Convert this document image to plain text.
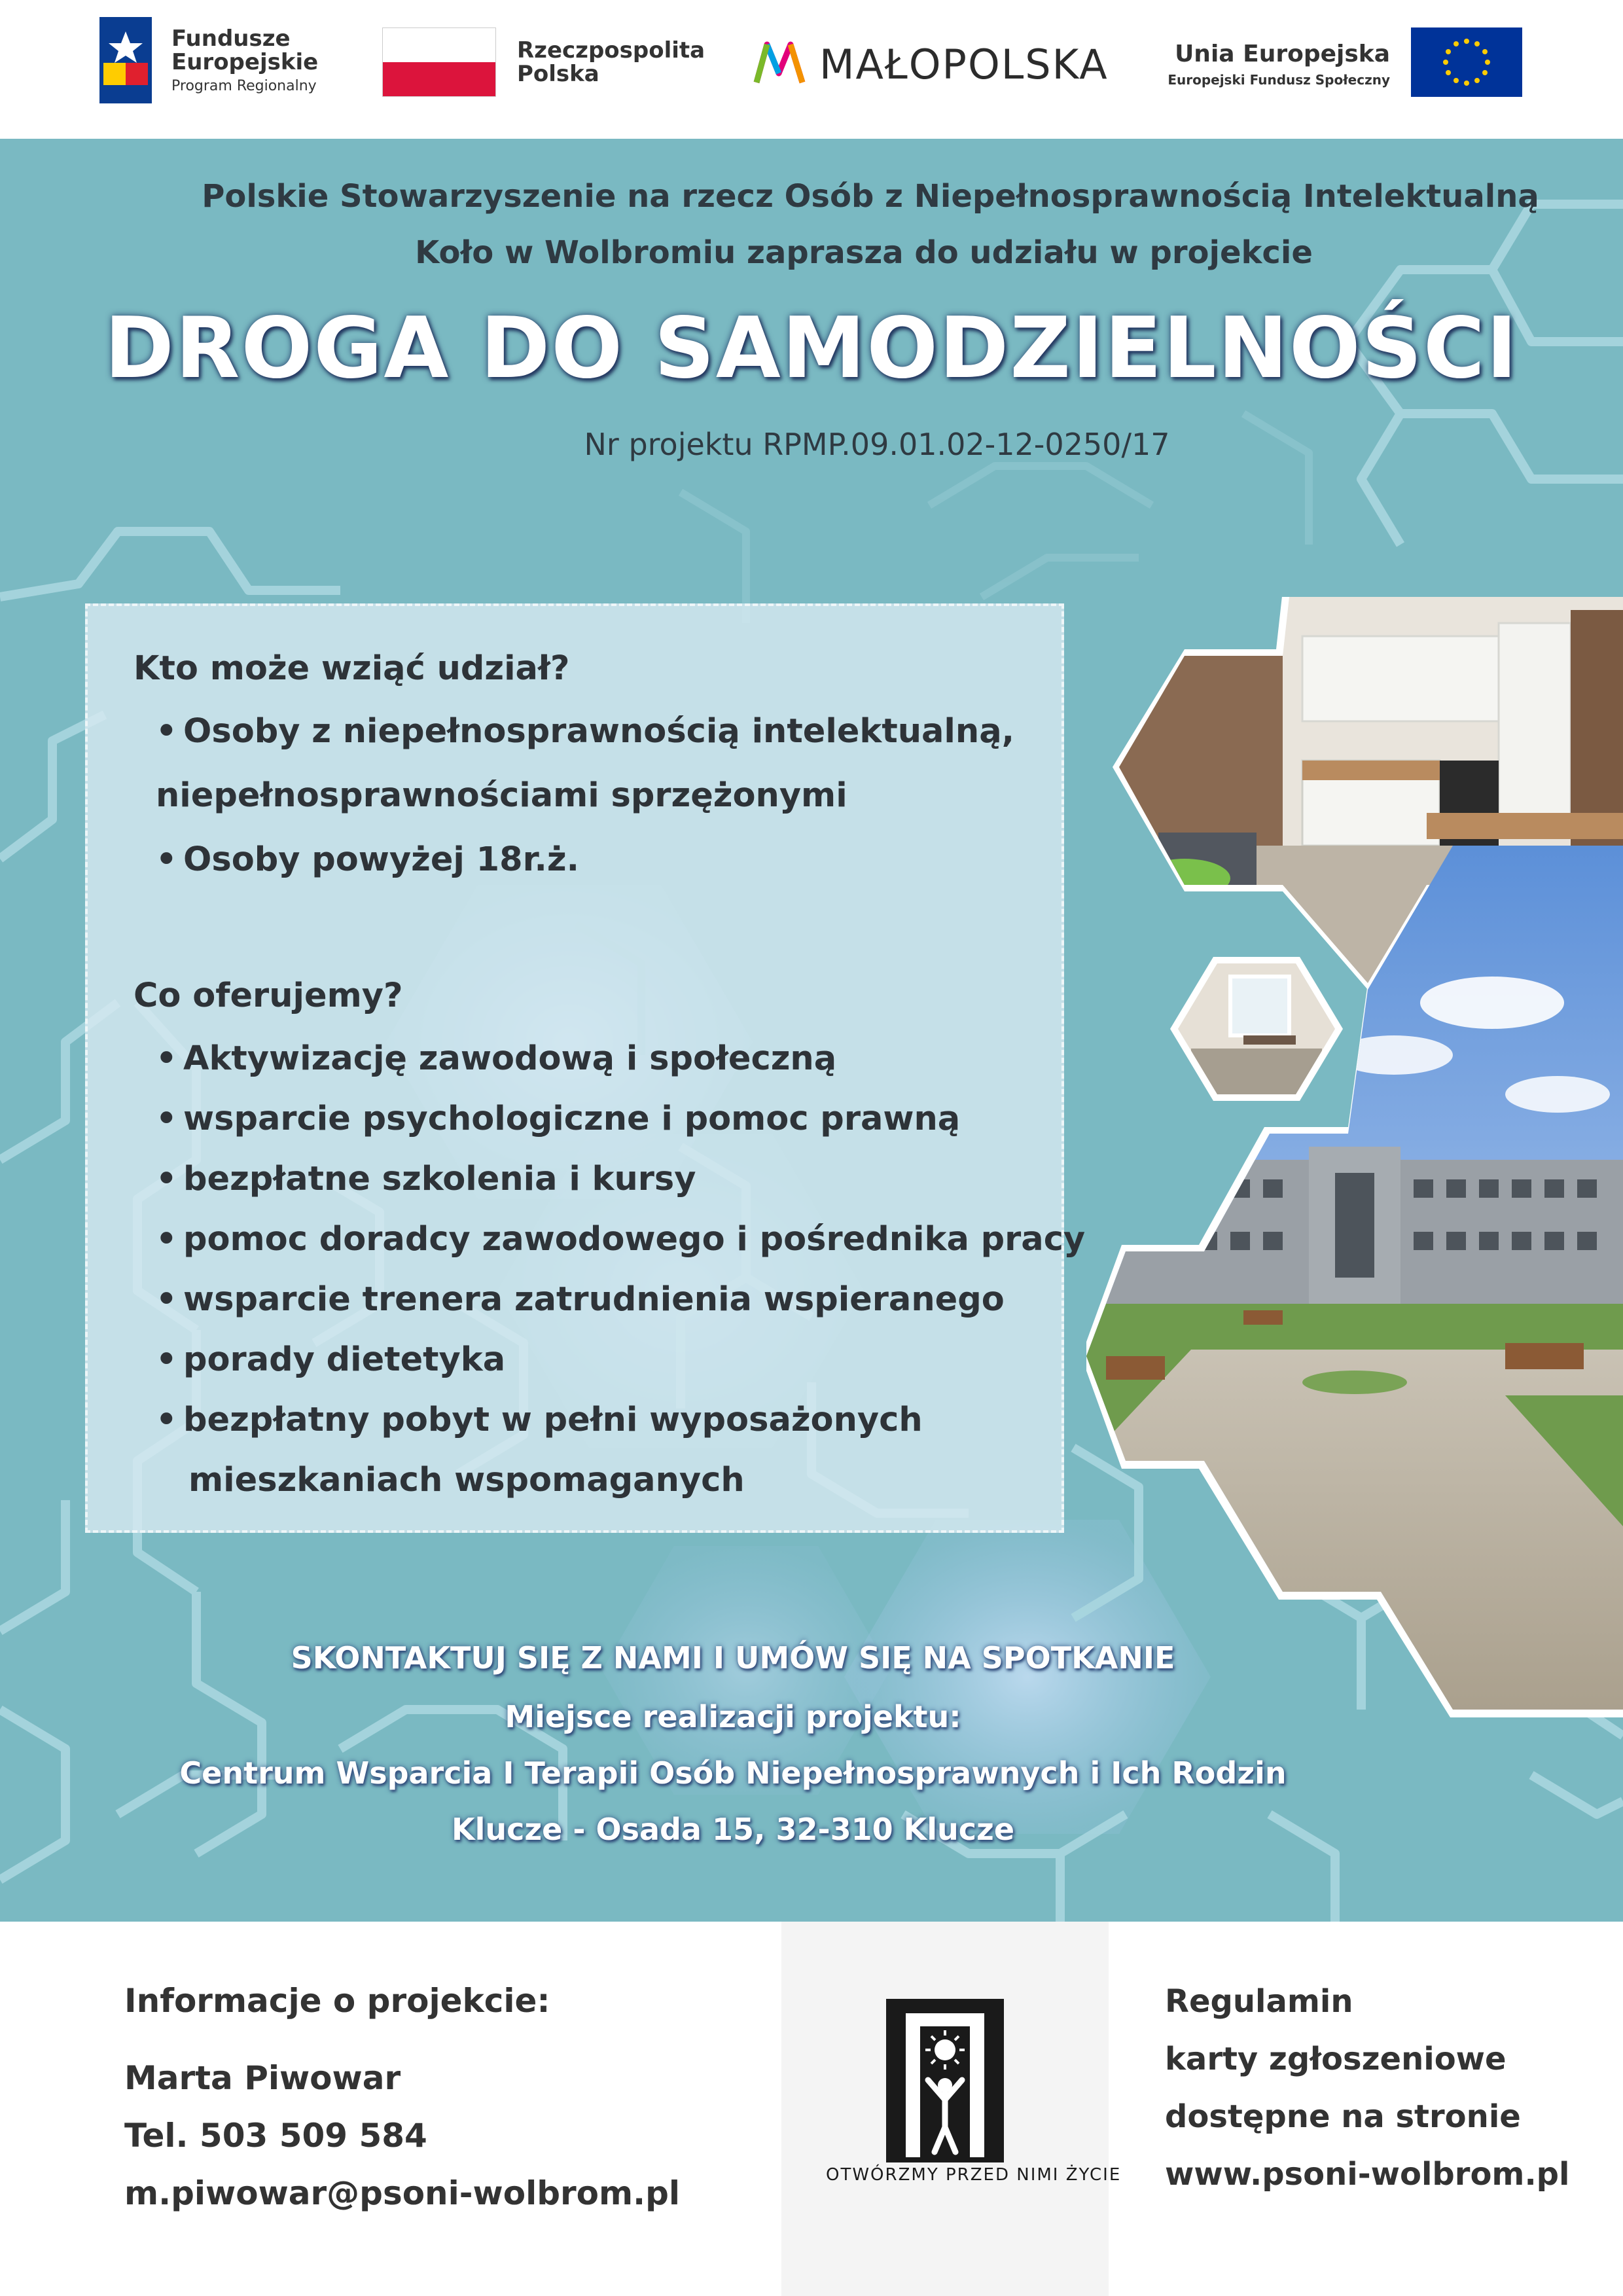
Fundusze
Europejskie
Program Regionalny
Rzeczpospolita
Polska	MAŁOPOLSKA	Unia Europejska
Europejski Fundusz Społeczny
Polskie Stowarzyszenie na rzecz Osób z Niepełnosprawnością Intelektualną
Koło w Wolbromiu zaprasza do udziału w projekcie
DROGA DO SAMODZIELNOŚCI
Nr projektu RPMP.09.01.02-12-0250/17
Kto może wziąć udział?
• Osoby z niepełnosprawnością intelektualną,
niepełnosprawnościami sprzężonymi
• Osoby powyżej 18r.ż.
Co oferujemy?
• Aktywizację zawodową i społeczną
• wsparcie psychologiczne i pomoc prawną
• bezpłatne szkolenia i kursy
• pomoc doradcy zawodowego i pośrednika pracy
• wsparcie trenera zatrudnienia wspieranego
• porady dietetyka
• bezpłatny pobyt w pełni wyposażonych
mieszkaniach wspomaganych
SKONTAKTUJ SIĘ Z NAMI I UMÓW SIĘ NA SPOTKANIE
Miejsce realizacji projektu:
Centrum Wsparcia I Terapii Osób Niepełnosprawnych i Ich Rodzin
Klucze - Osada 15, 32-310 Klucze
Informacje o projekcie:
Marta Piwowar
Tel. 503 509 584
m.piwowar@psoni-wolbrom.pl	OTWÓRZMY PRZED NIMI ŻYCIE
Regulamin
karty zgłoszeniowe
dostępne na stronie
www.psoni-wolbrom.pl
